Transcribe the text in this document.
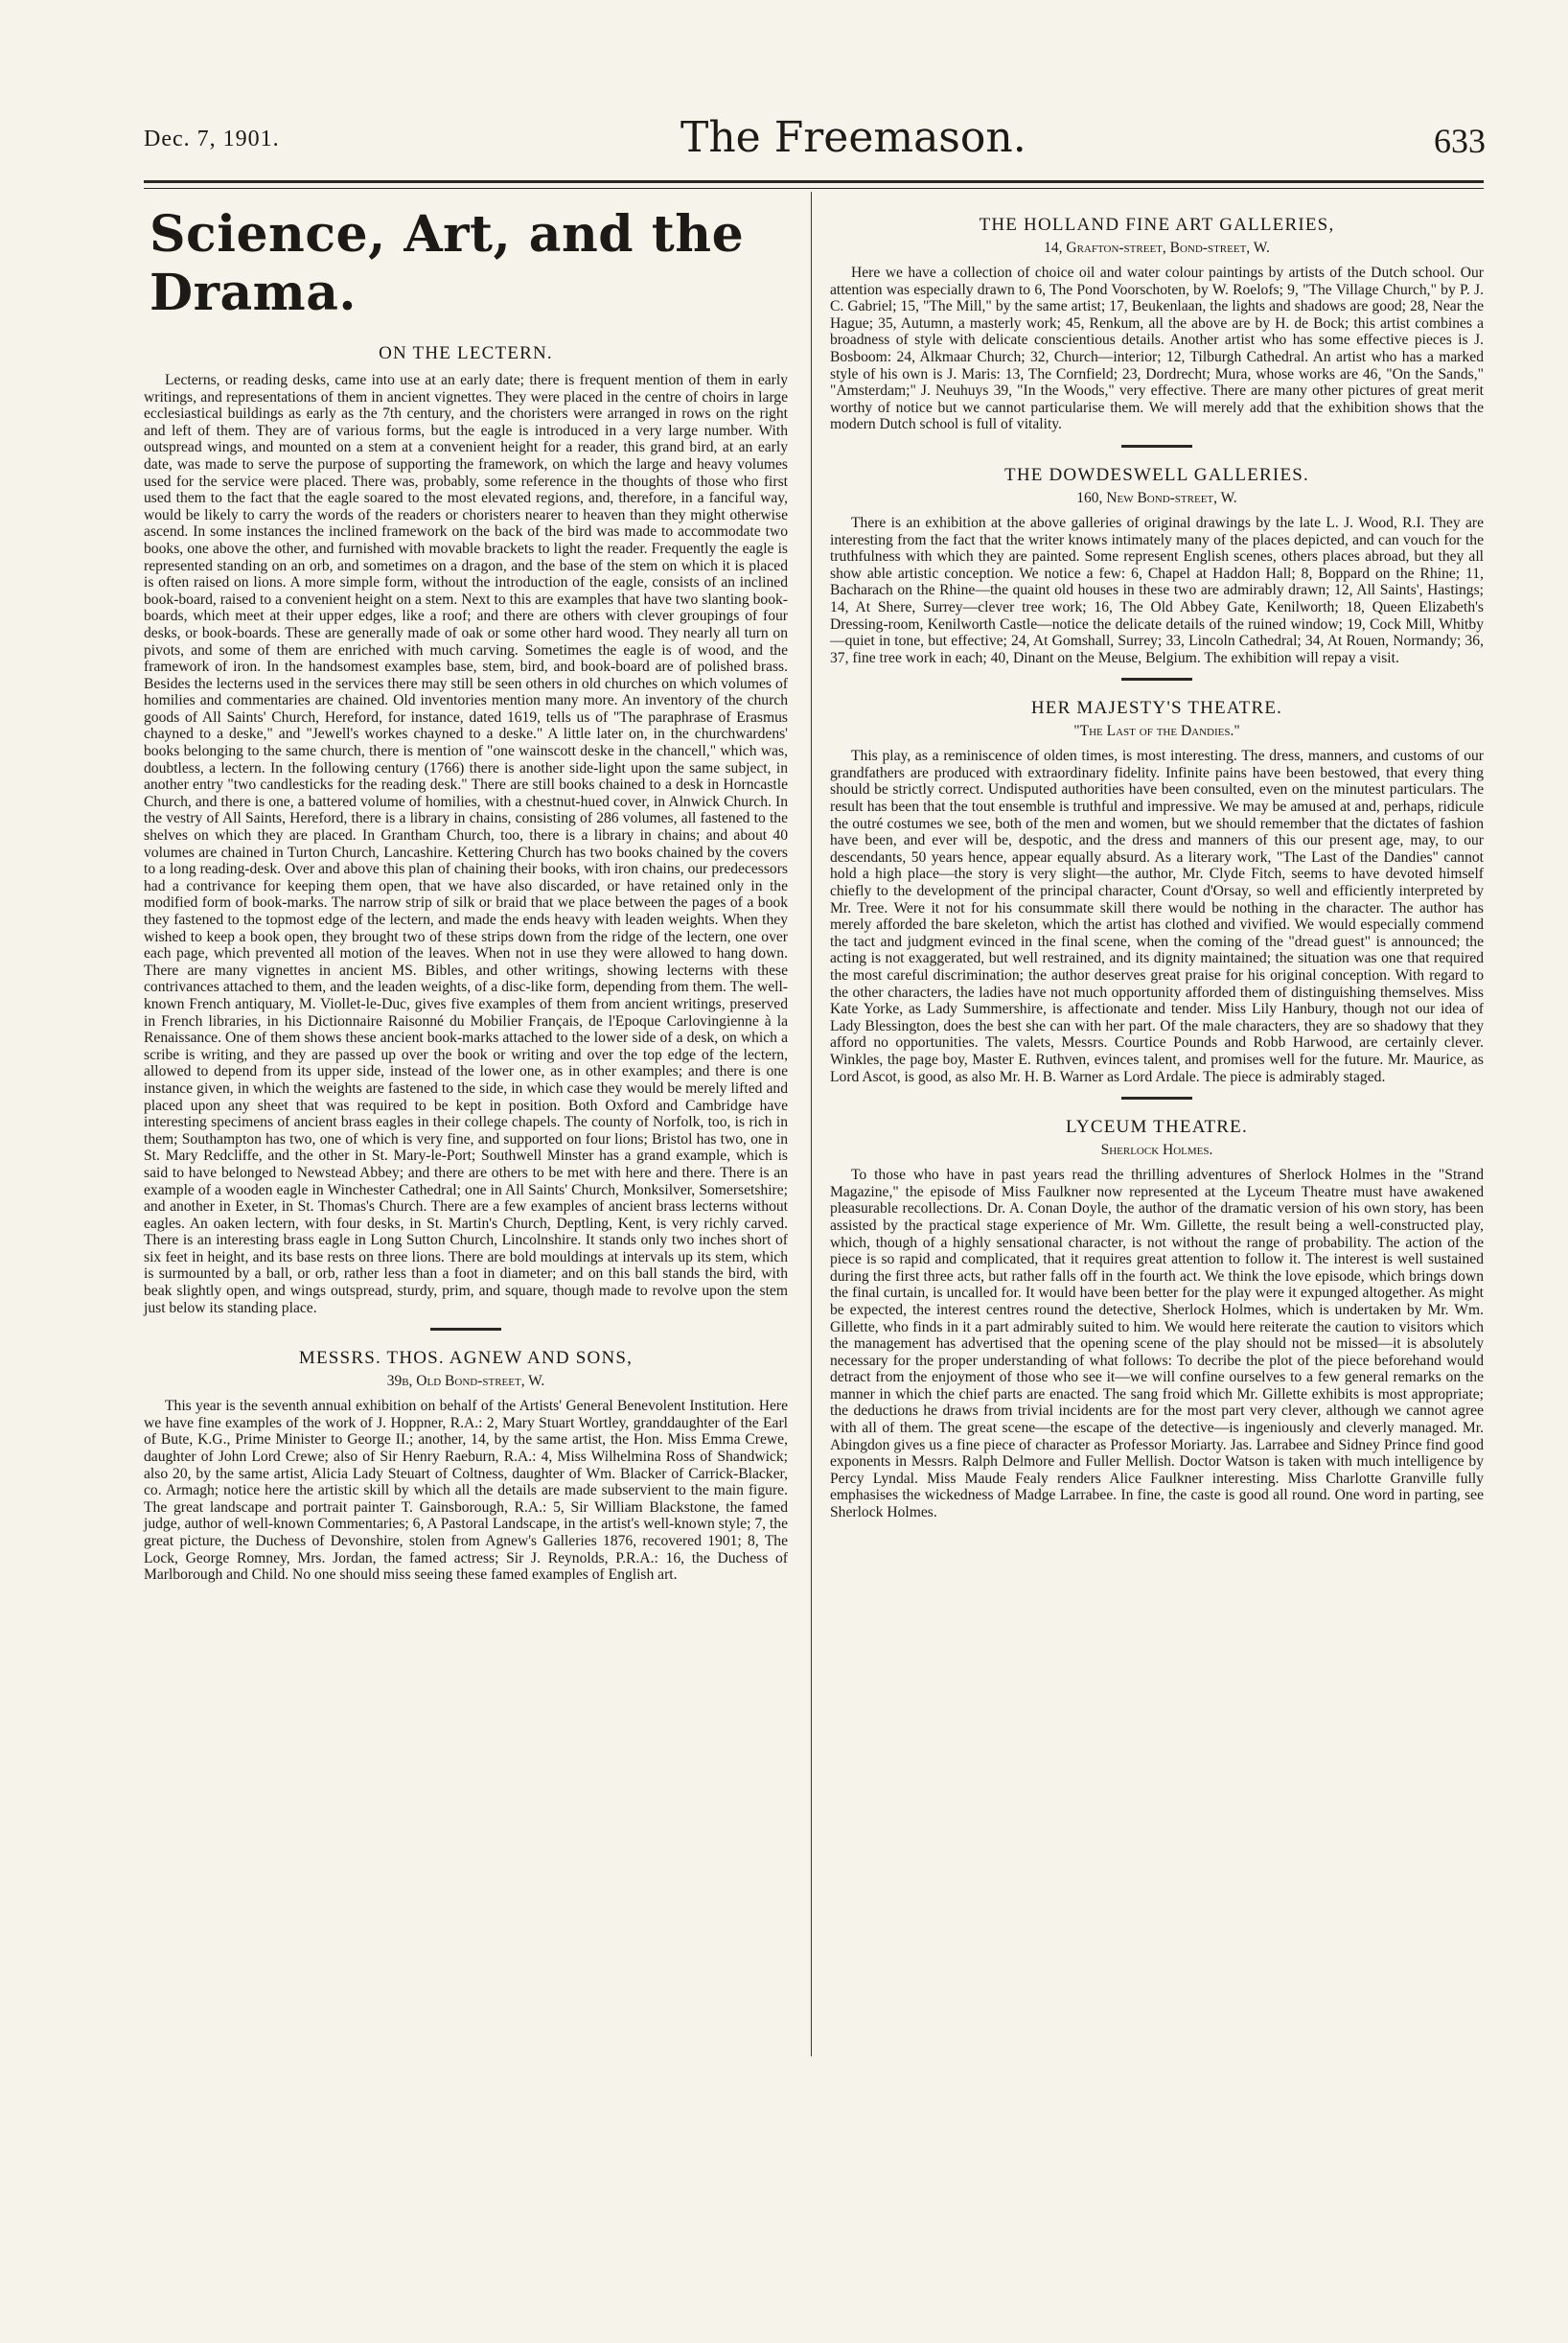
Dec. 7, 1901.	The Freemason.	633
Science, Art, and the Drama.

ON THE LECTERN.

Lecterns, or reading desks, came into use at an early date; there is frequent mention of them in early writings, and representations of them in ancient vignettes. They were placed in the centre of choirs in large ecclesiastical buildings as early as the 7th century, and the choristers were arranged in rows on the right and left of them. They are of various forms, but the eagle is introduced in a very large number. With outspread wings, and mounted on a stem at a convenient height for a reader, this grand bird, at an early date, was made to serve the purpose of supporting the framework, on which the large and heavy volumes used for the service were placed. There was, probably, some reference in the thoughts of those who first used them to the fact that the eagle soared to the most elevated regions, and, therefore, in a fanciful way, would be likely to carry the words of the readers or choristers nearer to heaven than they might otherwise ascend. In some instances the inclined framework on the back of the bird was made to accommodate two books, one above the other, and furnished with movable brackets to light the reader. Frequently the eagle is represented standing on an orb, and sometimes on a dragon, and the base of the stem on which it is placed is often raised on lions. A more simple form, without the introduction of the eagle, consists of an inclined book-board, raised to a convenient height on a stem. Next to this are examples that have two slanting book-boards, which meet at their upper edges, like a roof; and there are others with clever groupings of four desks, or book-boards. These are generally made of oak or some other hard wood. They nearly all turn on pivots, and some of them are enriched with much carving. Sometimes the eagle is of wood, and the framework of iron. In the handsomest examples base, stem, bird, and book-board are of polished brass. Besides the lecterns used in the services there may still be seen others in old churches on which volumes of homilies and commentaries are chained. Old inventories mention many more. An inventory of the church goods of All Saints' Church, Hereford, for instance, dated 1619, tells us of "The paraphrase of Erasmus chayned to a deske," and "Jewell's workes chayned to a deske." A little later on, in the churchwardens' books belonging to the same church, there is mention of "one wainscott deske in the chancell," which was, doubtless, a lectern. In the following century (1766) there is another side-light upon the same subject, in another entry "two candlesticks for the reading desk." There are still books chained to a desk in Horncastle Church, and there is one, a battered volume of homilies, with a chestnut-hued cover, in Alnwick Church. In the vestry of All Saints, Hereford, there is a library in chains, consisting of 286 volumes, all fastened to the shelves on which they are placed. In Grantham Church, too, there is a library in chains; and about 40 volumes are chained in Turton Church, Lancashire. Kettering Church has two books chained by the covers to a long reading-desk. Over and above this plan of chaining their books, with iron chains, our predecessors had a contrivance for keeping them open, that we have also discarded, or have retained only in the modified form of book-marks. The narrow strip of silk or braid that we place between the pages of a book they fastened to the topmost edge of the lectern, and made the ends heavy with leaden weights. When they wished to keep a book open, they brought two of these strips down from the ridge of the lectern, one over each page, which prevented all motion of the leaves. When not in use they were allowed to hang down. There are many vignettes in ancient MS. Bibles, and other writings, showing lecterns with these contrivances attached to them, and the leaden weights, of a disc-like form, depending from them. The well-known French antiquary, M. Viollet-le-Duc, gives five examples of them from ancient writings, preserved in French libraries, in his Dictionnaire Raisonné du Mobilier Français, de l'Epoque Carlovingienne à la Renaissance. One of them shows these ancient book-marks attached to the lower side of a desk, on which a scribe is writing, and they are passed up over the book or writing and over the top edge of the lectern, allowed to depend from its upper side, instead of the lower one, as in other examples; and there is one instance given, in which the weights are fastened to the side, in which case they would be merely lifted and placed upon any sheet that was required to be kept in position. Both Oxford and Cambridge have interesting specimens of ancient brass eagles in their college chapels. The county of Norfolk, too, is rich in them; Southampton has two, one of which is very fine, and supported on four lions; Bristol has two, one in St. Mary Redcliffe, and the other in St. Mary-le-Port; Southwell Minster has a grand example, which is said to have belonged to Newstead Abbey; and there are others to be met with here and there. There is an example of a wooden eagle in Winchester Cathedral; one in All Saints' Church, Monksilver, Somersetshire; and another in Exeter, in St. Thomas's Church. There are a few examples of ancient brass lecterns without eagles. An oaken lectern, with four desks, in St. Martin's Church, Deptling, Kent, is very richly carved. There is an interesting brass eagle in Long Sutton Church, Lincolnshire. It stands only two inches short of six feet in height, and its base rests on three lions. There are bold mouldings at intervals up its stem, which is surmounted by a ball, or orb, rather less than a foot in diameter; and on this ball stands the bird, with beak slightly open, and wings outspread, sturdy, prim, and square, though made to revolve upon the stem just below its standing place.

MESSRS. THOS. AGNEW AND SONS,

39b, Old Bond-street, W.

This year is the seventh annual exhibition on behalf of the Artists' General Benevolent Institution. Here we have fine examples of the work of J. Hoppner, R.A.: 2, Mary Stuart Wortley, granddaughter of the Earl of Bute, K.G., Prime Minister to George II.; another, 14, by the same artist, the Hon. Miss Emma Crewe, daughter of John Lord Crewe; also of Sir Henry Raeburn, R.A.: 4, Miss Wilhelmina Ross of Shandwick; also 20, by the same artist, Alicia Lady Steuart of Coltness, daughter of Wm. Blacker of Carrick-Blacker, co. Armagh; notice here the artistic skill by which all the details are made subservient to the main figure. The great landscape and portrait painter T. Gainsborough, R.A.: 5, Sir William Blackstone, the famed judge, author of well-known Commentaries; 6, A Pastoral Landscape, in the artist's well-known style; 7, the great picture, the Duchess of Devonshire, stolen from Agnew's Galleries 1876, recovered 1901; 8, The Lock, George Romney, Mrs. Jordan, the famed actress; Sir J. Reynolds, P.R.A.: 16, the Duchess of Marlborough and Child. No one should miss seeing these famed examples of English art.

THE HOLLAND FINE ART GALLERIES,

14, Grafton-street, Bond-street, W.

Here we have a collection of choice oil and water colour paintings by artists of the Dutch school. Our attention was especially drawn to 6, The Pond Voorschoten, by W. Roelofs; 9, "The Village Church," by P. J. C. Gabriel; 15, "The Mill," by the same artist; 17, Beukenlaan, the lights and shadows are good; 28, Near the Hague; 35, Autumn, a masterly work; 45, Renkum, all the above are by H. de Bock; this artist combines a broadness of style with delicate conscientious details. Another artist who has some effective pieces is J. Bosboom: 24, Alkmaar Church; 32, Church—interior; 12, Tilburgh Cathedral. An artist who has a marked style of his own is J. Maris: 13, The Cornfield; 23, Dordrecht; Mura, whose works are 46, "On the Sands," "Amsterdam;" J. Neuhuys 39, "In the Woods," very effective. There are many other pictures of great merit worthy of notice but we cannot particularise them. We will merely add that the exhibition shows that the modern Dutch school is full of vitality.

THE DOWDESWELL GALLERIES.

160, New Bond-street, W.

There is an exhibition at the above galleries of original drawings by the late L. J. Wood, R.I. They are interesting from the fact that the writer knows intimately many of the places depicted, and can vouch for the truthfulness with which they are painted. Some represent English scenes, others places abroad, but they all show able artistic conception. We notice a few: 6, Chapel at Haddon Hall; 8, Boppard on the Rhine; 11, Bacharach on the Rhine—the quaint old houses in these two are admirably drawn; 12, All Saints', Hastings; 14, At Shere, Surrey—clever tree work; 16, The Old Abbey Gate, Kenilworth; 18, Queen Elizabeth's Dressing-room, Kenilworth Castle—notice the delicate details of the ruined window; 19, Cock Mill, Whitby—quiet in tone, but effective; 24, At Gomshall, Surrey; 33, Lincoln Cathedral; 34, At Rouen, Normandy; 36, 37, fine tree work in each; 40, Dinant on the Meuse, Belgium. The exhibition will repay a visit.

HER MAJESTY'S THEATRE.

"The Last of the Dandies."

This play, as a reminiscence of olden times, is most interesting. The dress, manners, and customs of our grandfathers are produced with extraordinary fidelity. Infinite pains have been bestowed, that every thing should be strictly correct. Undisputed authorities have been consulted, even on the minutest particulars. The result has been that the tout ensemble is truthful and impressive. We may be amused at and, perhaps, ridicule the outré costumes we see, both of the men and women, but we should remember that the dictates of fashion have been, and ever will be, despotic, and the dress and manners of this our present age, may, to our descendants, 50 years hence, appear equally absurd. As a literary work, "The Last of the Dandies" cannot hold a high place—the story is very slight—the author, Mr. Clyde Fitch, seems to have devoted himself chiefly to the development of the principal character, Count d'Orsay, so well and efficiently interpreted by Mr. Tree. Were it not for his consummate skill there would be nothing in the character. The author has merely afforded the bare skeleton, which the artist has clothed and vivified. We would especially commend the tact and judgment evinced in the final scene, when the coming of the "dread guest" is announced; the acting is not exaggerated, but well restrained, and its dignity maintained; the situation was one that required the most careful discrimination; the author deserves great praise for his original conception. With regard to the other characters, the ladies have not much opportunity afforded them of distinguishing themselves. Miss Kate Yorke, as Lady Summershire, is affectionate and tender. Miss Lily Hanbury, though not our idea of Lady Blessington, does the best she can with her part. Of the male characters, they are so shadowy that they afford no opportunities. The valets, Messrs. Courtice Pounds and Robb Harwood, are certainly clever. Winkles, the page boy, Master E. Ruthven, evinces talent, and promises well for the future. Mr. Maurice, as Lord Ascot, is good, as also Mr. H. B. Warner as Lord Ardale. The piece is admirably staged.

LYCEUM THEATRE.

Sherlock Holmes.

To those who have in past years read the thrilling adventures of Sherlock Holmes in the "Strand Magazine," the episode of Miss Faulkner now represented at the Lyceum Theatre must have awakened pleasurable recollections. Dr. A. Conan Doyle, the author of the dramatic version of his own story, has been assisted by the practical stage experience of Mr. Wm. Gillette, the result being a well-constructed play, which, though of a highly sensational character, is not without the range of probability. The action of the piece is so rapid and complicated, that it requires great attention to follow it. The interest is well sustained during the first three acts, but rather falls off in the fourth act. We think the love episode, which brings down the final curtain, is uncalled for. It would have been better for the play were it expunged altogether. As might be expected, the interest centres round the detective, Sherlock Holmes, which is undertaken by Mr. Wm. Gillette, who finds in it a part admirably suited to him. We would here reiterate the caution to visitors which the management has advertised that the opening scene of the play should not be missed—it is absolutely necessary for the proper understanding of what follows: To decribe the plot of the piece beforehand would detract from the enjoyment of those who see it—we will confine ourselves to a few general remarks on the manner in which the chief parts are enacted. The sang froid which Mr. Gillette exhibits is most appropriate; the deductions he draws from trivial incidents are for the most part very clever, although we cannot agree with all of them. The great scene—the escape of the detective—is ingeniously and cleverly managed. Mr. Abingdon gives us a fine piece of character as Professor Moriarty. Jas. Larrabee and Sidney Prince find good exponents in Messrs. Ralph Delmore and Fuller Mellish. Doctor Watson is taken with much intelligence by Percy Lyndal. Miss Maude Fealy renders Alice Faulkner interesting. Miss Charlotte Granville fully emphasises the wickedness of Madge Larrabee. In fine, the caste is good all round. One word in parting, see Sherlock Holmes.
